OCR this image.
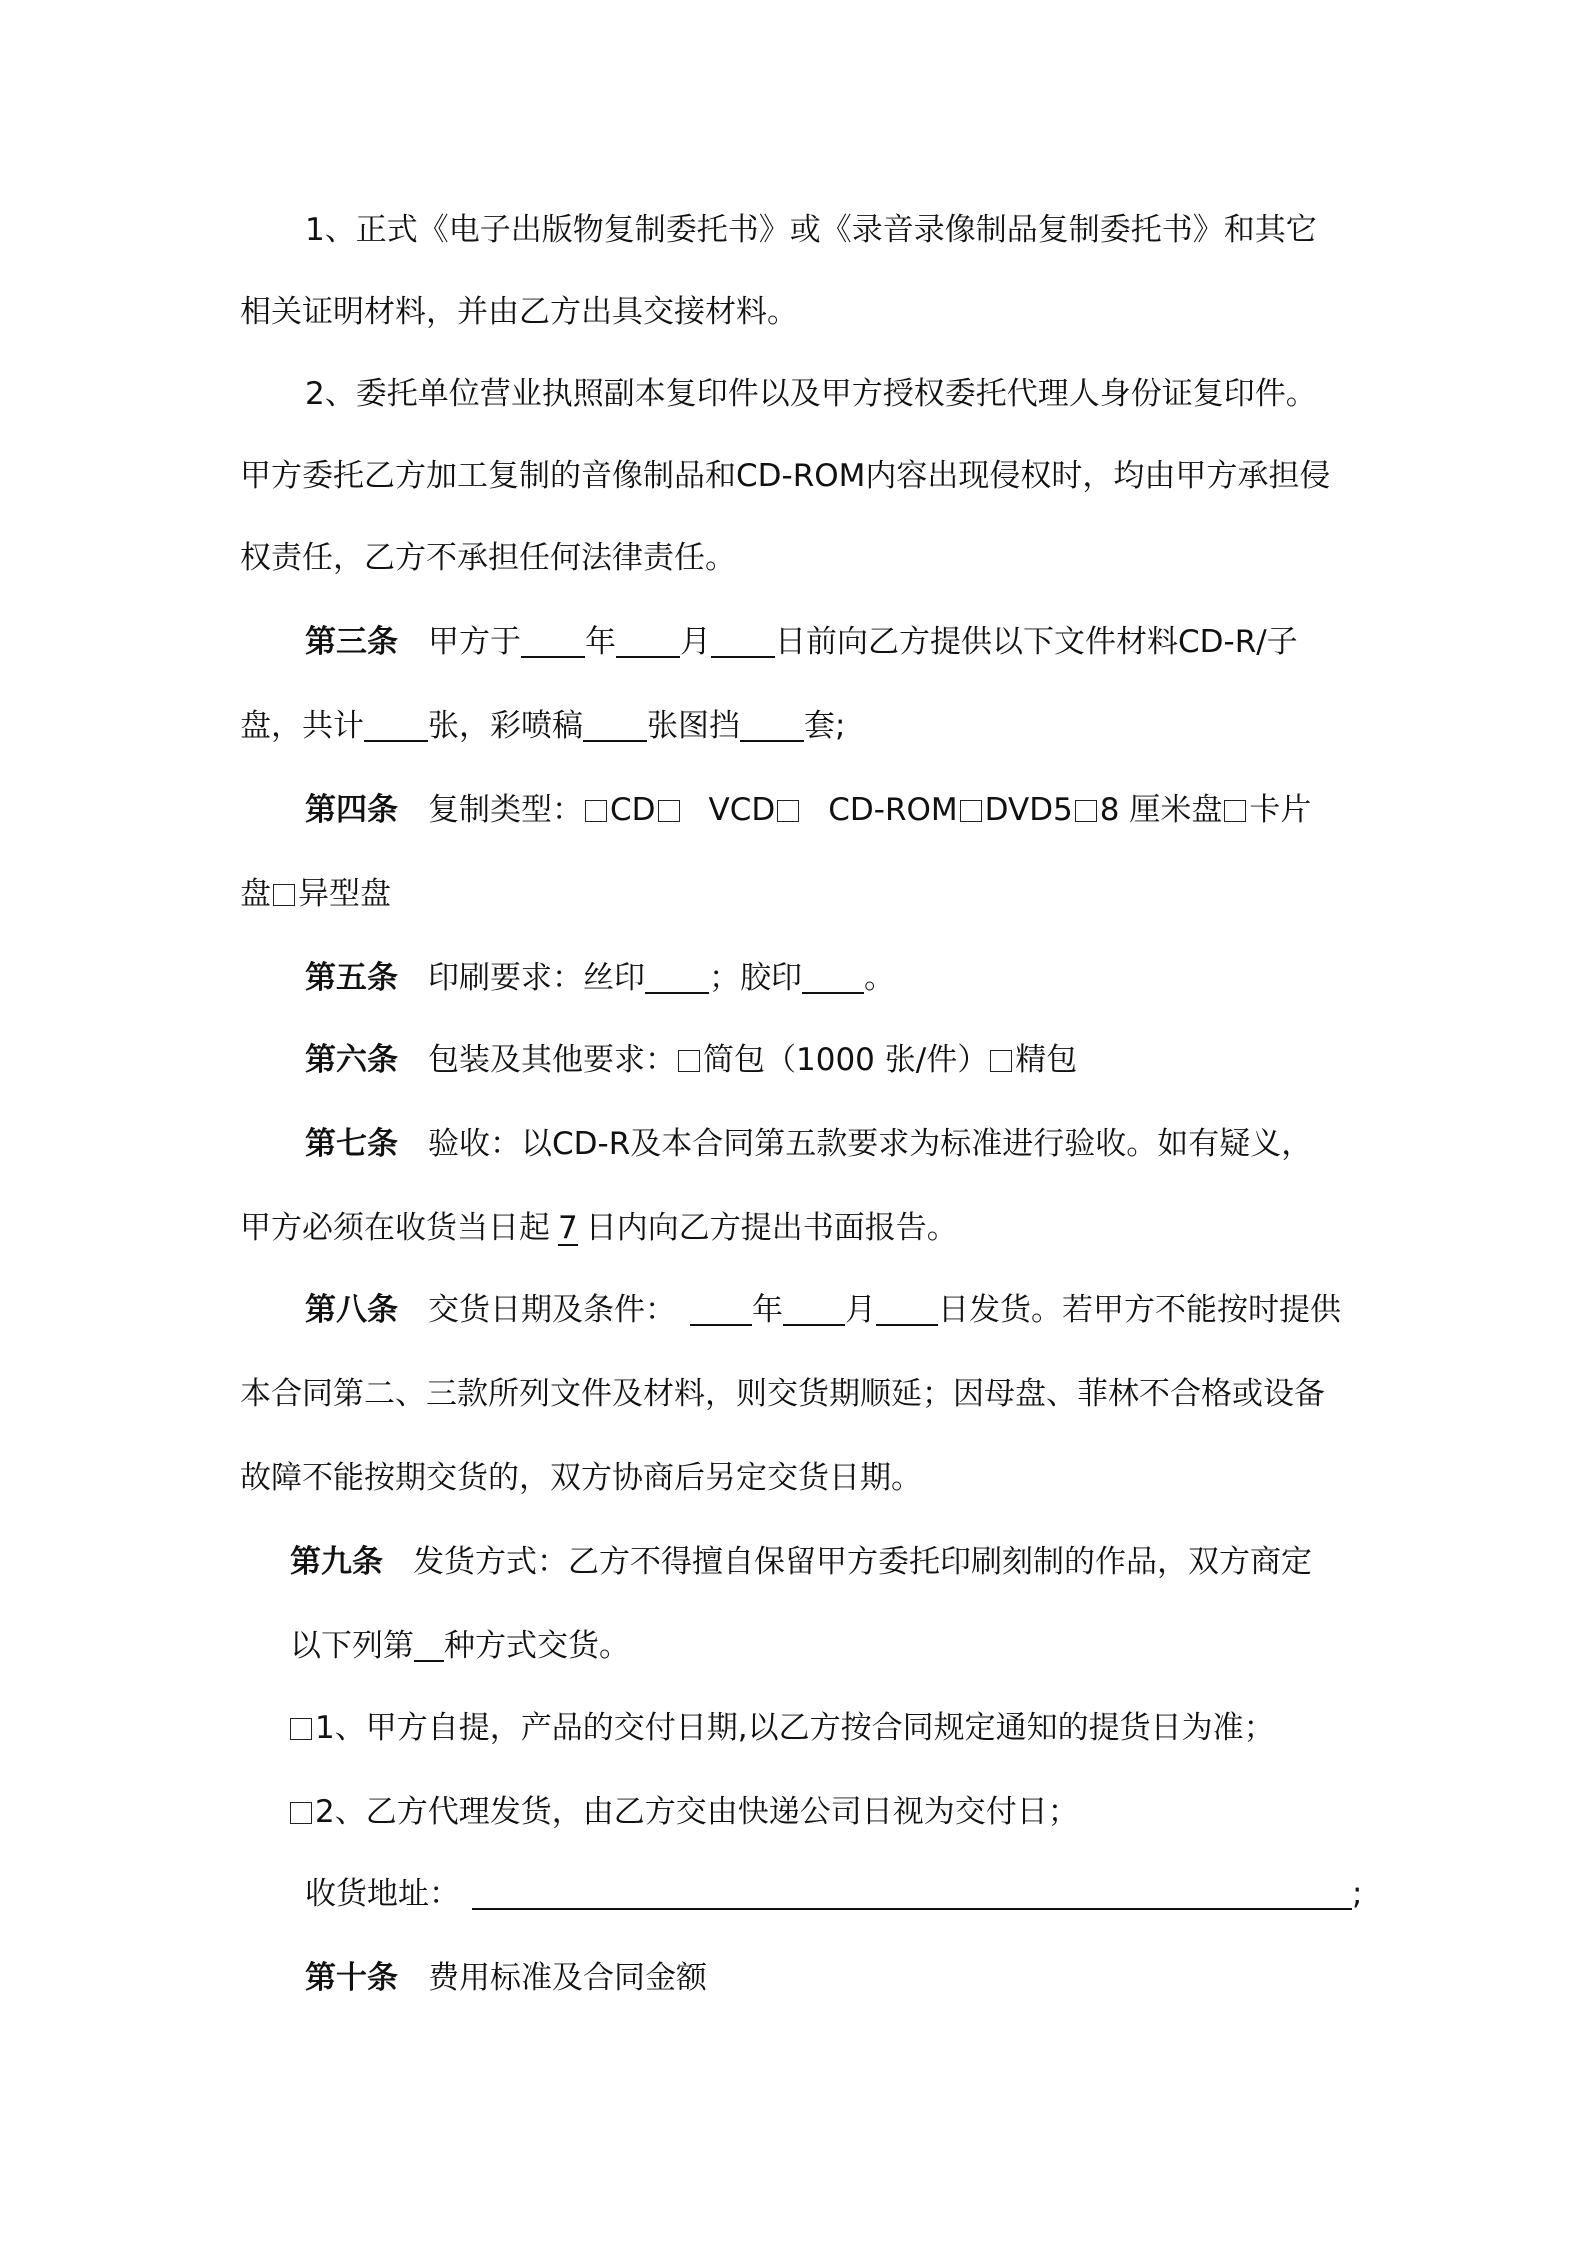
1、正式《电子出版物复制委托书》或《录音录像制品复制委托书》和其它
相关证明材料，并由乙方出具交接材料。
2、委托单位营业执照副本复印件以及甲方授权委托代理人身份证复印件。
甲方委托乙方加工复制的音像制品和CD-ROM内容出现侵权时，均由甲方承担侵
权责任，乙方不承担任何法律责任。
第三条 甲方于 年 月 日前向乙方提供以下文件材料CD-R/子
盘，共计 张，彩喷稿 张图挡 套;
第四条 复制类型： CD VCD CD-ROM DVD5 8 厘米盘 卡片
盘 异型盘
第五条 印刷要求：丝印 ；胶印 。
第六条 包装及其他要求： 简包（1000 张/件） 精包
第七条 验收：以CD-R及本合同第五款要求为标准进行验收。如有疑义，
甲方必须在收货当日起 7 日内向乙方提出书面报告。
第八条 交货日期及条件： 年 月 日发货。若甲方不能按时提供
本合同第二、三款所列文件及材料，则交货期顺延；因母盘、菲林不合格或设备
故障不能按期交货的，双方协商后另定交货日期。
第九条 发货方式：乙方不得擅自保留甲方委托印刷刻制的作品，双方商定
以下列第 种方式交货。
1、甲方自提，产品的交付日期,以乙方按合同规定通知的提货日为准；
2、乙方代理发货，由乙方交由快递公司日视为交付日；
收货地址：	;
第十条 费用标准及合同金额
